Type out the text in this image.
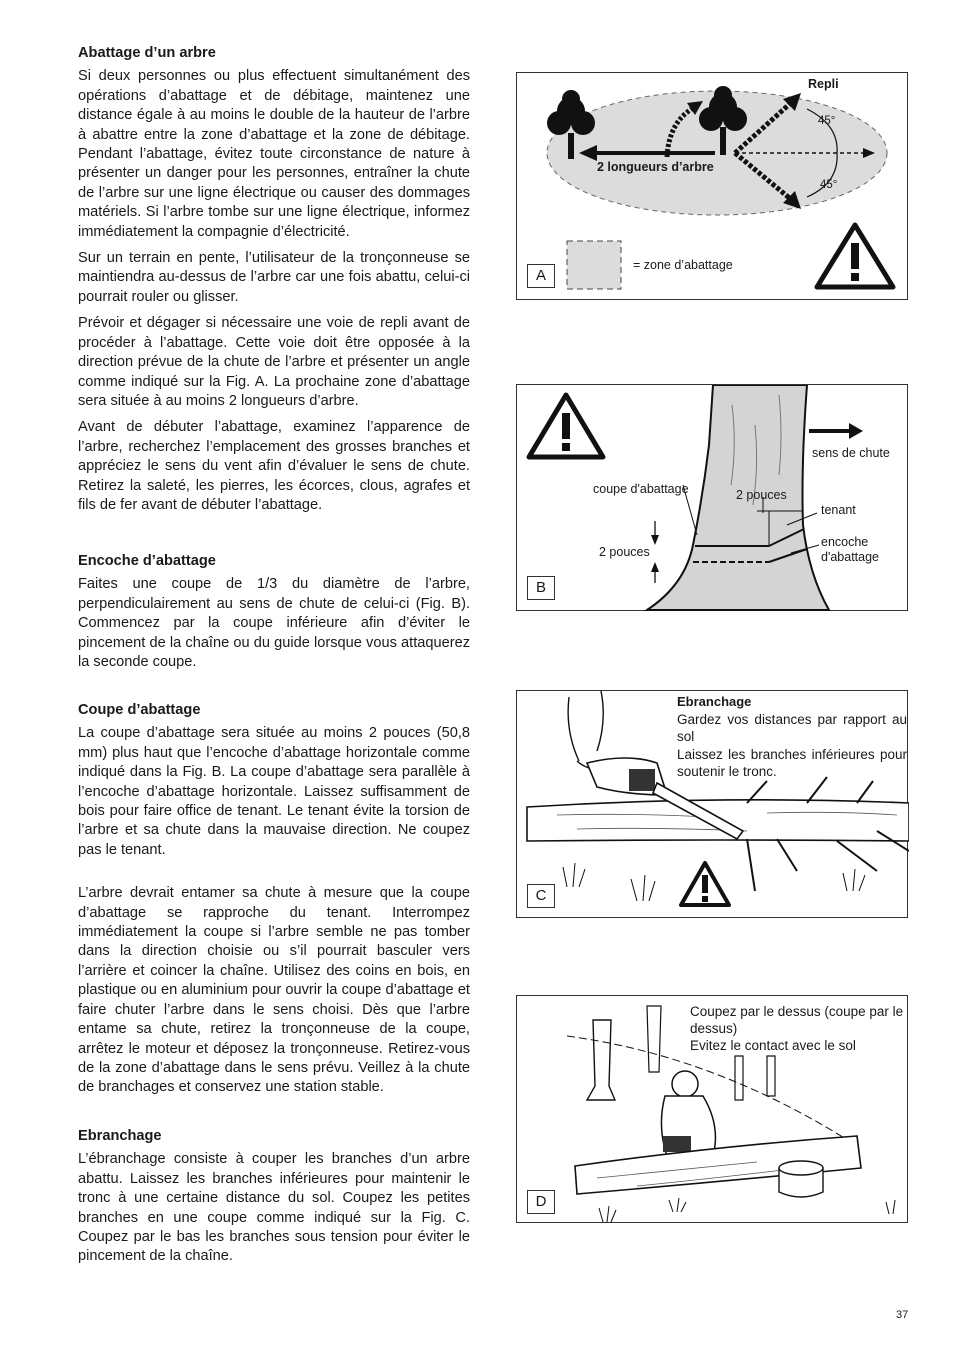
Abattage d’un arbre

Si deux personnes ou plus effectuent simultanément des opérations d’abattage et de débitage, maintenez une distance égale à au moins le double de la hauteur de l’arbre à abattre entre la zone d’abattage et la zone de débitage. Pendant l’abattage, évitez toute circonstance de nature à présenter un danger pour les personnes, entraîner la chute de l’arbre sur une ligne électrique ou causer des dommages matériels. Si l’arbre tombe sur une ligne électrique, informez immédiatement la compagnie d’électricité.

Sur un terrain en pente, l’utilisateur de la tronçonneuse se maintiendra au-dessus de l’arbre car une fois abattu, celui-ci pourrait rouler ou glisser.

Prévoir et dégager si nécessaire une voie de repli avant de procéder à l’abattage. Cette voie doit être opposée à la direction prévue de la chute de l’arbre et présenter un angle comme indiqué sur la Fig. A. La prochaine zone d’abattage sera située à au moins 2 longueurs d’arbre.

Avant de débuter l’abattage, examinez l’apparence de l’arbre, recherchez l’emplacement des grosses branches et appréciez le sens du vent afin d’évaluer le sens de chute. Retirez la saleté, les pierres, les écorces, clous, agrafes et fils de fer avant de débuter l’abattage.

Encoche d’abattage

Faites une coupe de 1/3 du diamètre de l’arbre, perpendiculairement au sens de chute de celui-ci (Fig. B). Commencez par la coupe inférieure afin d’éviter le pincement de la chaîne ou du guide lorsque vous attaquerez la seconde coupe.

Coupe d’abattage

La coupe d’abattage sera située au moins 2 pouces (50,8 mm) plus haut que l’encoche d’abattage horizontale comme indiqué dans la Fig. B. La coupe d’abattage sera parallèle à l’encoche d’abattage horizontale. Laissez suffisamment de bois pour faire office de tenant. Le tenant évite la torsion de l’arbre et sa chute dans la mauvaise direction. Ne coupez pas le tenant.

L’arbre devrait entamer sa chute à mesure que la coupe d’abattage se rapproche du tenant. Interrompez immédiatement la coupe si l’arbre semble ne pas tomber dans la direction choisie ou s’il pourrait basculer vers l’arrière et coincer la chaîne. Utilisez des coins en bois, en plastique ou en aluminium pour ouvrir la coupe d’abattage et faire chuter l’arbre dans le sens choisi. Dès que l’arbre entame sa chute, retirez la tronçonneuse de la coupe, arrêtez le moteur et déposez la tronçonneuse. Retirez-vous de la zone d’abattage dans le sens prévu. Veillez à la chute de branchages et conservez une station stable.

Ebranchage

L’ébranchage consiste à couper les branches d’un arbre abattu. Laissez les branches inférieures pour maintenir le tronc à une certaine distance du sol. Coupez les petites branches en une coupe comme indiqué sur la Fig. C. Coupez par le bas les branches sous tension pour éviter le pincement de la chaîne.

Repli
45°
45°
2 longueurs d’arbre
= zone d’abattage
A
sens de chute
coupe d'abattage	2 pouces
tenant
encoche
d'abattage
2 pouces
B
Ebranchage
Gardez vos distances par rapport au sol
Laissez les branches inférieures pour soutenir le tronc.
C
Coupez par le dessus (coupe par le dessus)
Evitez le contact avec le sol
D
37
